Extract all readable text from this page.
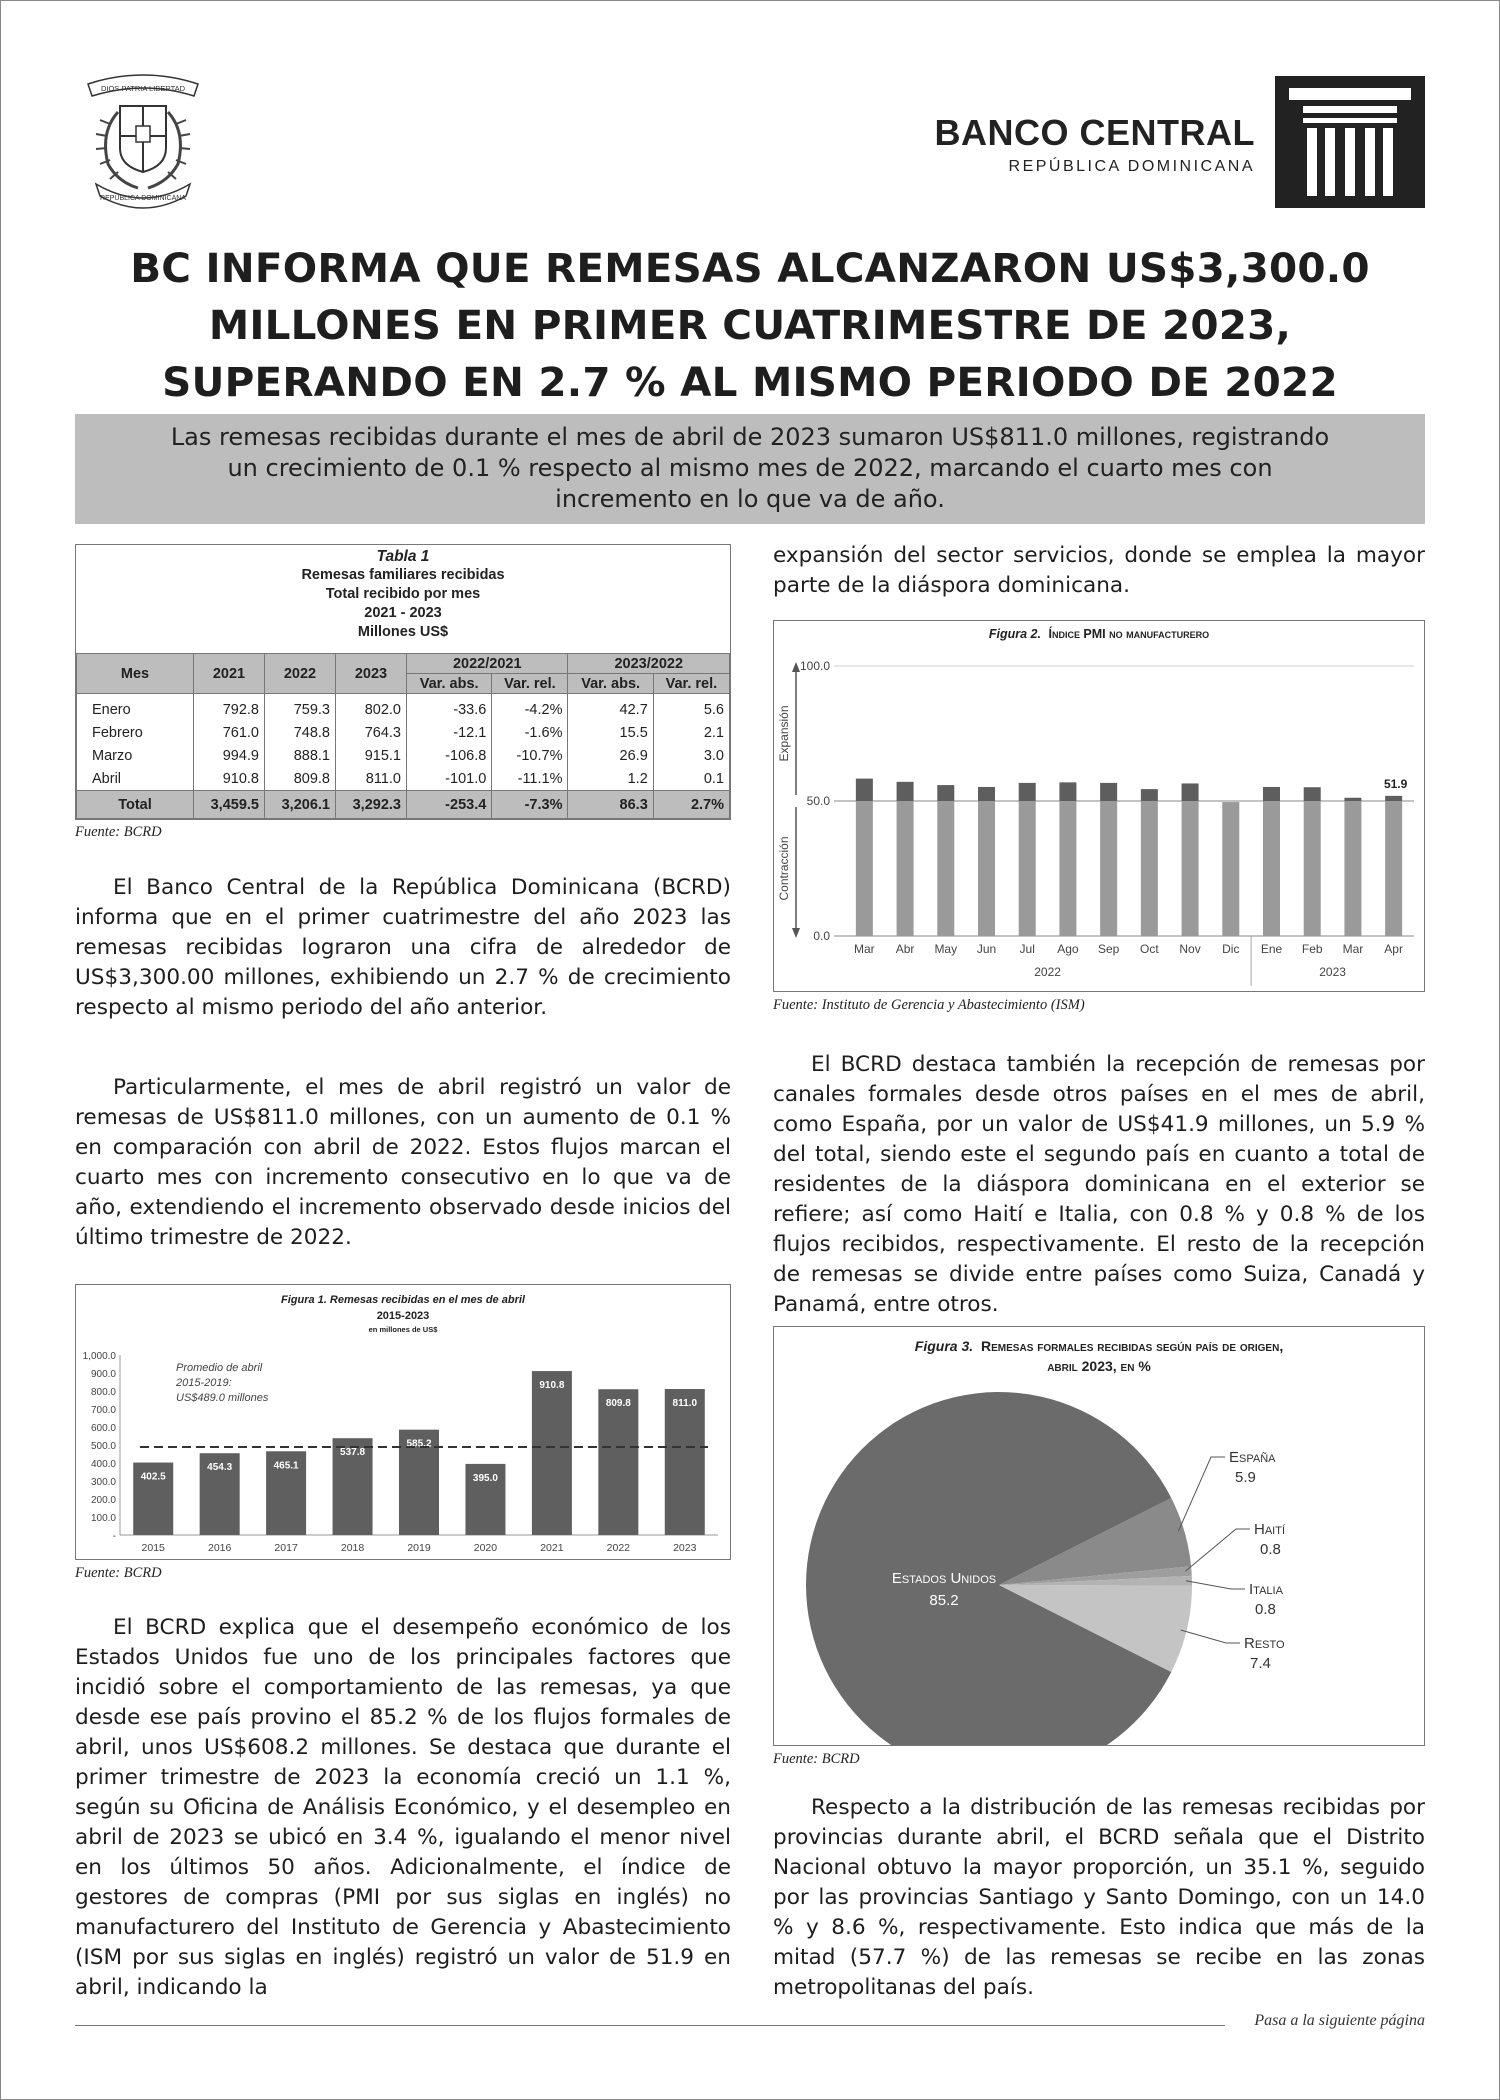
DIOS PATRIA LIBERTAD
REPÚBLICA DOMINICANA
BANCO CENTRAL
REPÚBLICA DOMINICANA
BC INFORMA QUE REMESAS ALCANZARON US$3,300.0
MILLONES EN PRIMER CUATRIMESTRE DE 2023,
SUPERANDO EN 2.7 % AL MISMO PERIODO DE 2022
Las remesas recibidas durante el mes de abril de 2023 sumaron US$811.0 millones, registrando
un crecimiento de 0.1 % respecto al mismo mes de 2022, marcando el cuarto mes con
incremento en lo que va de año.
Tabla 1
Remesas familiares recibidas
Total recibido por mes
2021 - 2023
Millones US$
Mes	2021	2022	2023	2022/2021		2023/2022	
				Var. abs.	Var. rel.	Var. abs.	Var. rel.
Enero	792.8	759.3	802.0	-33.6	-4.2%	42.7	5.6
Febrero	761.0	748.8	764.3	-12.1	-1.6%	15.5	2.1
Marzo	994.9	888.1	915.1	-106.8	-10.7%	26.9	3.0
Abril	910.8	809.8	811.0	-101.0	-11.1%	1.2	0.1
Total	3,459.5	3,206.1	3,292.3	-253.4	-7.3%	86.3	2.7%
Fuente: BCRD

El Banco Central de la República Dominicana (BCRD) informa que en el primer cuatrimestre del año 2023 las remesas recibidas lograron una cifra de alrededor de US$3,300.00 millones, exhibiendo un 2.7 % de crecimiento respecto al mismo periodo del año anterior.

Particularmente, el mes de abril registró un valor de remesas de US$811.0 millones, con un aumento de 0.1 % en comparación con abril de 2022. Estos flujos marcan el cuarto mes con incremento consecutivo en lo que va de año, extendiendo el incremento observado desde inicios del último trimestre de 2022.

Figura 1. Remesas recibidas en el mes de abril
2015-2023
en millones de US$
-
100.0
200.0
300.0
400.0
500.0
600.0
700.0
800.0
900.0
1,000.0
402.5
2015
454.3
2016
465.1
2017
537.8
2018
585.2
2019
395.0
2020
910.8
2021
809.8
2022
811.0
2023
Promedio de abril
2015-2019:
US$489.0 millones
Fuente: BCRD

El BCRD explica que el desempeño económico de los Estados Unidos fue uno de los principales factores que incidió sobre el comportamiento de las remesas, ya que desde ese país provino el 85.2 % de los flujos formales de abril, unos US$608.2 millones. Se destaca que durante el primer trimestre de 2023 la economía creció un 1.1 %, según su Oficina de Análisis Económico, y el desempleo en abril de 2023 se ubicó en 3.4 %, igualando el menor nivel en los últimos 50 años. Adicionalmente, el índice de gestores de compras (PMI por sus siglas en inglés) no manufacturero del Instituto de Gerencia y Abastecimiento (ISM por sus siglas en inglés) registró un valor de 51.9 en abril, indicando la

expansión del sector servicios, donde se emplea la mayor parte de la diáspora dominicana.

Figura 2. Índice PMI no manufacturero
0.0
50.0
100.0
Expansión
Contracción
2022	2023
Mar Abr May Jun Jul Ago Sep Oct Nov Dic Ene Feb Mar Apr
51.9
Fuente: Instituto de Gerencia y Abastecimiento (ISM)

El BCRD destaca también la recepción de remesas por canales formales desde otros países en el mes de abril, como España, por un valor de US$41.9 millones, un 5.9 % del total, siendo este el segundo país en cuanto a total de residentes de la diáspora dominicana en el exterior se refiere; así como Haití e Italia, con 0.8 % y 0.8 % de los flujos recibidos, respectivamente. El resto de la recepción de remesas se divide entre países como Suiza, Canadá y Panamá, entre otros.

Figura 3. Remesas formales recibidas según país de origen,
abril 2023, en %
Estados Unidos
85.2
España
5.9
Haití
0.8
Italia
0.8
Resto
7.4
Fuente: BCRD

Respecto a la distribución de las remesas recibidas por provincias durante abril, el BCRD señala que el Distrito Nacional obtuvo la mayor proporción, un 35.1 %, seguido por las provincias Santiago y Santo Domingo, con un 14.0 % y 8.6 %, respectivamente. Esto indica que más de la mitad (57.7 %) de las remesas se recibe en las zonas metropolitanas del país.

Pasa a la siguiente página
